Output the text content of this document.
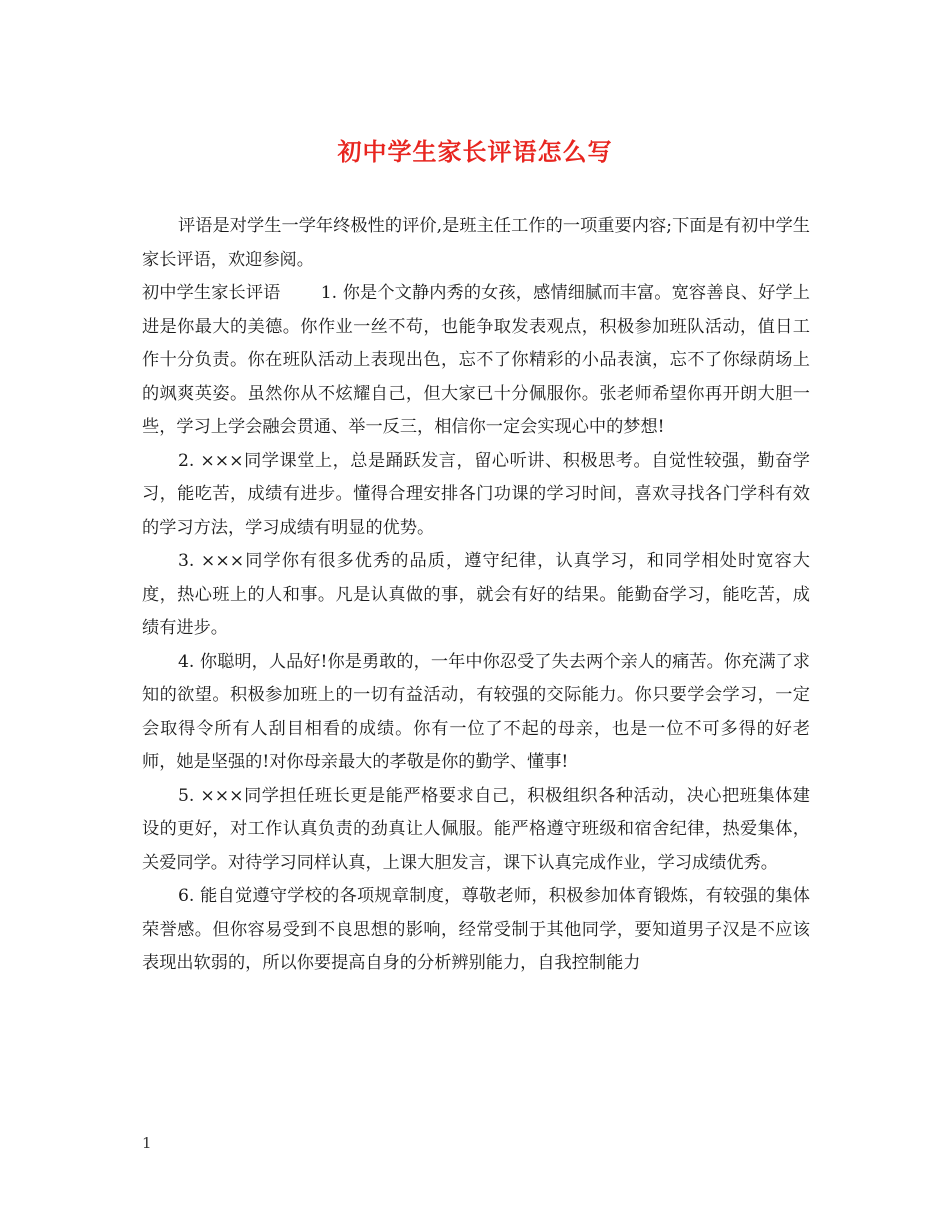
初中学生家长评语怎么写

评语是对学生一学年终极性的评价,是班主任工作的一项重要内容;下面是有初中学生家长评语，欢迎参阅。

初中学生家长评语　　 1. 你是个文静内秀的女孩，感情细腻而丰富。宽容善良、好学上进是你最大的美德。你作业一丝不苟，也能争取发表观点，积极参加班队活动，值日工作十分负责。你在班队活动上表现出色，忘不了你精彩的小品表演，忘不了你绿荫场上的飒爽英姿。虽然你从不炫耀自己，但大家已十分佩服你。张老师希望你再开朗大胆一些，学习上学会融会贯通、举一反三，相信你一定会实现心中的梦想!

2. ×××同学课堂上，总是踊跃发言，留心听讲、积极思考。自觉性较强，勤奋学习，能吃苦，成绩有进步。懂得合理安排各门功课的学习时间，喜欢寻找各门学科有效的学习方法，学习成绩有明显的优势。

3. ×××同学你有很多优秀的品质，遵守纪律，认真学习，和同学相处时宽容大度，热心班上的人和事。凡是认真做的事，就会有好的结果。能勤奋学习，能吃苦，成绩有进步。

4. 你聪明，人品好!你是勇敢的，一年中你忍受了失去两个亲人的痛苦。你充满了求知的欲望。积极参加班上的一切有益活动，有较强的交际能力。你只要学会学习，一定会取得令所有人刮目相看的成绩。你有一位了不起的母亲，也是一位不可多得的好老师，她是坚强的!对你母亲最大的孝敬是你的勤学、懂事!

5. ×××同学担任班长更是能严格要求自己，积极组织各种活动，决心把班集体建设的更好，对工作认真负责的劲真让人佩服。能严格遵守班级和宿舍纪律，热爱集体，关爱同学。对待学习同样认真，上课大胆发言，课下认真完成作业，学习成绩优秀。

6. 能自觉遵守学校的各项规章制度，尊敬老师，积极参加体育锻炼，有较强的集体荣誉感。但你容易受到不良思想的影响，经常受制于其他同学，要知道男子汉是不应该表现出软弱的，所以你要提高自身的分析辨别能力，自我控制能力

1
